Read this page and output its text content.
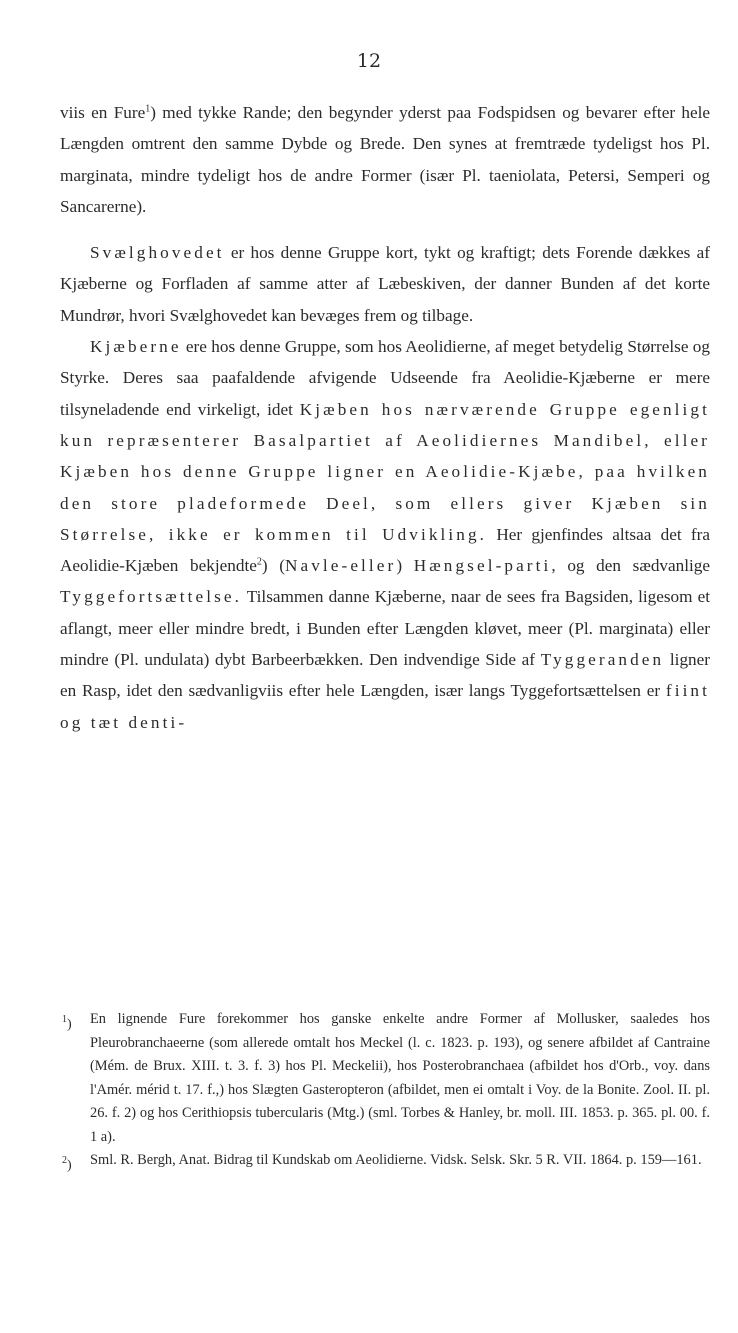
12

viis en Fure$^1$) med tykke Rande; den begynder yderst paa Fodspidsen og bevarer efter hele Længden omtrent den samme Dybde og Brede. Den synes at fremtræde tydeligst hos Pl. marginata, mindre tydeligt hos de andre Former (især Pl. taeniolata, Petersi, Semperi og Sancarerne).

Svælghovedet er hos denne Gruppe kort, tykt og kraftigt; dets Forende dækkes af Kjæberne og Forfladen af samme atter af Læbeskiven, der danner Bunden af det korte Mundrør, hvori Svælghovedet kan bevæges frem og tilbage.

Kjæberne ere hos denne Gruppe, som hos Aeolidierne, af meget betydelig Størrelse og Styrke. Deres saa paafaldende afvigende Udseende fra Aeolidie-Kjæberne er mere tilsyneladende end virkeligt, idet Kjæben hos nærværende Gruppe egenligt kun repræsenterer Basalpartiet af Aeolidiernes Mandibel, eller Kjæben hos denne Gruppe ligner en Aeolidie-Kjæbe, paa hvilken den store pladeformede Deel, som ellers giver Kjæben sin Størrelse, ikke er kommen til Udvikling. Her gjenfindes altsaa det fra Aeolidie-Kjæben bekjendte$^2$) (Navle-eller) Hængsel-parti, og den sædvanlige Tyggefortsættelse. Tilsammen danne Kjæberne, naar de sees fra Bagsiden, ligesom et aflangt, meer eller mindre bredt, i Bunden efter Længden kløvet, meer (Pl. marginata) eller mindre (Pl. undulata) dybt Barbeerbækken. Den indvendige Side af Tyggeranden ligner en Rasp, idet den sædvanligviis efter hele Længden, især langs Tyggefortsættelsen er fiint og tæt denti-

$^1$) En lignende Fure forekommer hos ganske enkelte andre Former af Mollusker, saaledes hos Pleurobranchaeerne (som allerede omtalt hos Meckel (l. c. 1823. p. 193), og senere afbildet af Cantraine (Mém. de Brux. XIII. t. 3. f. 3) hos Pl. Meckelii), hos Posterobranchaea (afbildet hos d'Orb., voy. dans l'Amér. mérid t. 17. f.,) hos Slægten Gasteropteron (afbildet, men ei omtalt i Voy. de la Bonite. Zool. II. pl. 26. f. 2) og hos Cerithiopsis tubercularis (Mtg.) (sml. Torbes & Hanley, br. moll. III. 1853. p. 365. pl. 00. f. 1 a).
$^2$) Sml. R. Bergh, Anat. Bidrag til Kundskab om Aeolidierne. Vidsk. Selsk. Skr. 5 R. VII. 1864. p. 159—161.
